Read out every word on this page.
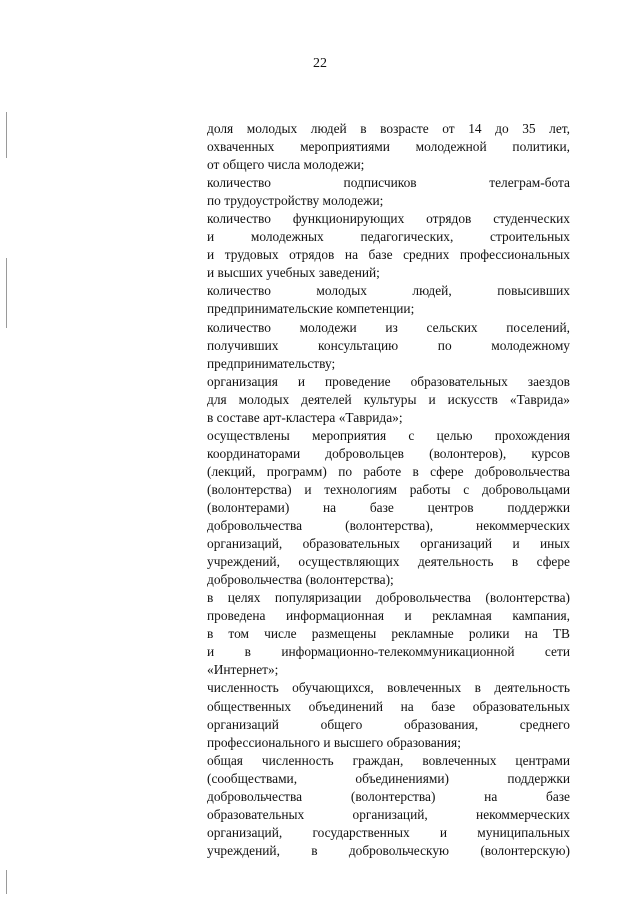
22
доля молодых людей в возрасте от 14 до 35 лет,
охваченных мероприятиями молодежной политики,
от общего числа молодежи;
количество подписчиков телеграм-бота
по трудоустройству молодежи;
количество функционирующих отрядов студенческих
и молодежных педагогических, строительных
и трудовых отрядов на базе средних профессиональных
и высших учебных заведений;
количество молодых людей, повысивших
предпринимательские компетенции;
количество молодежи из сельских поселений,
получивших консультацию по молодежному
предпринимательству;
организация и проведение образовательных заездов
для молодых деятелей культуры и искусств «Таврида»
в составе арт-кластера «Таврида»;
осуществлены мероприятия с целью прохождения
координаторами добровольцев (волонтеров), курсов
(лекций, программ) по работе в сфере добровольчества
(волонтерства) и технологиям работы с добровольцами
(волонтерами) на базе центров поддержки
добровольчества (волонтерства), некоммерческих
организаций, образовательных организаций и иных
учреждений, осуществляющих деятельность в сфере
добровольчества (волонтерства);
в целях популяризации добровольчества (волонтерства)
проведена информационная и рекламная кампания,
в том числе размещены рекламные ролики на ТВ
и в информационно-телекоммуникационной сети
«Интернет»;
численность обучающихся, вовлеченных в деятельность
общественных объединений на базе образовательных
организаций общего образования, среднего
профессионального и высшего образования;
общая численность граждан, вовлеченных центрами
(сообществами, объединениями) поддержки
добровольчества (волонтерства) на базе
образовательных организаций, некоммерческих
организаций, государственных и муниципальных
учреждений, в добровольческую (волонтерскую)
